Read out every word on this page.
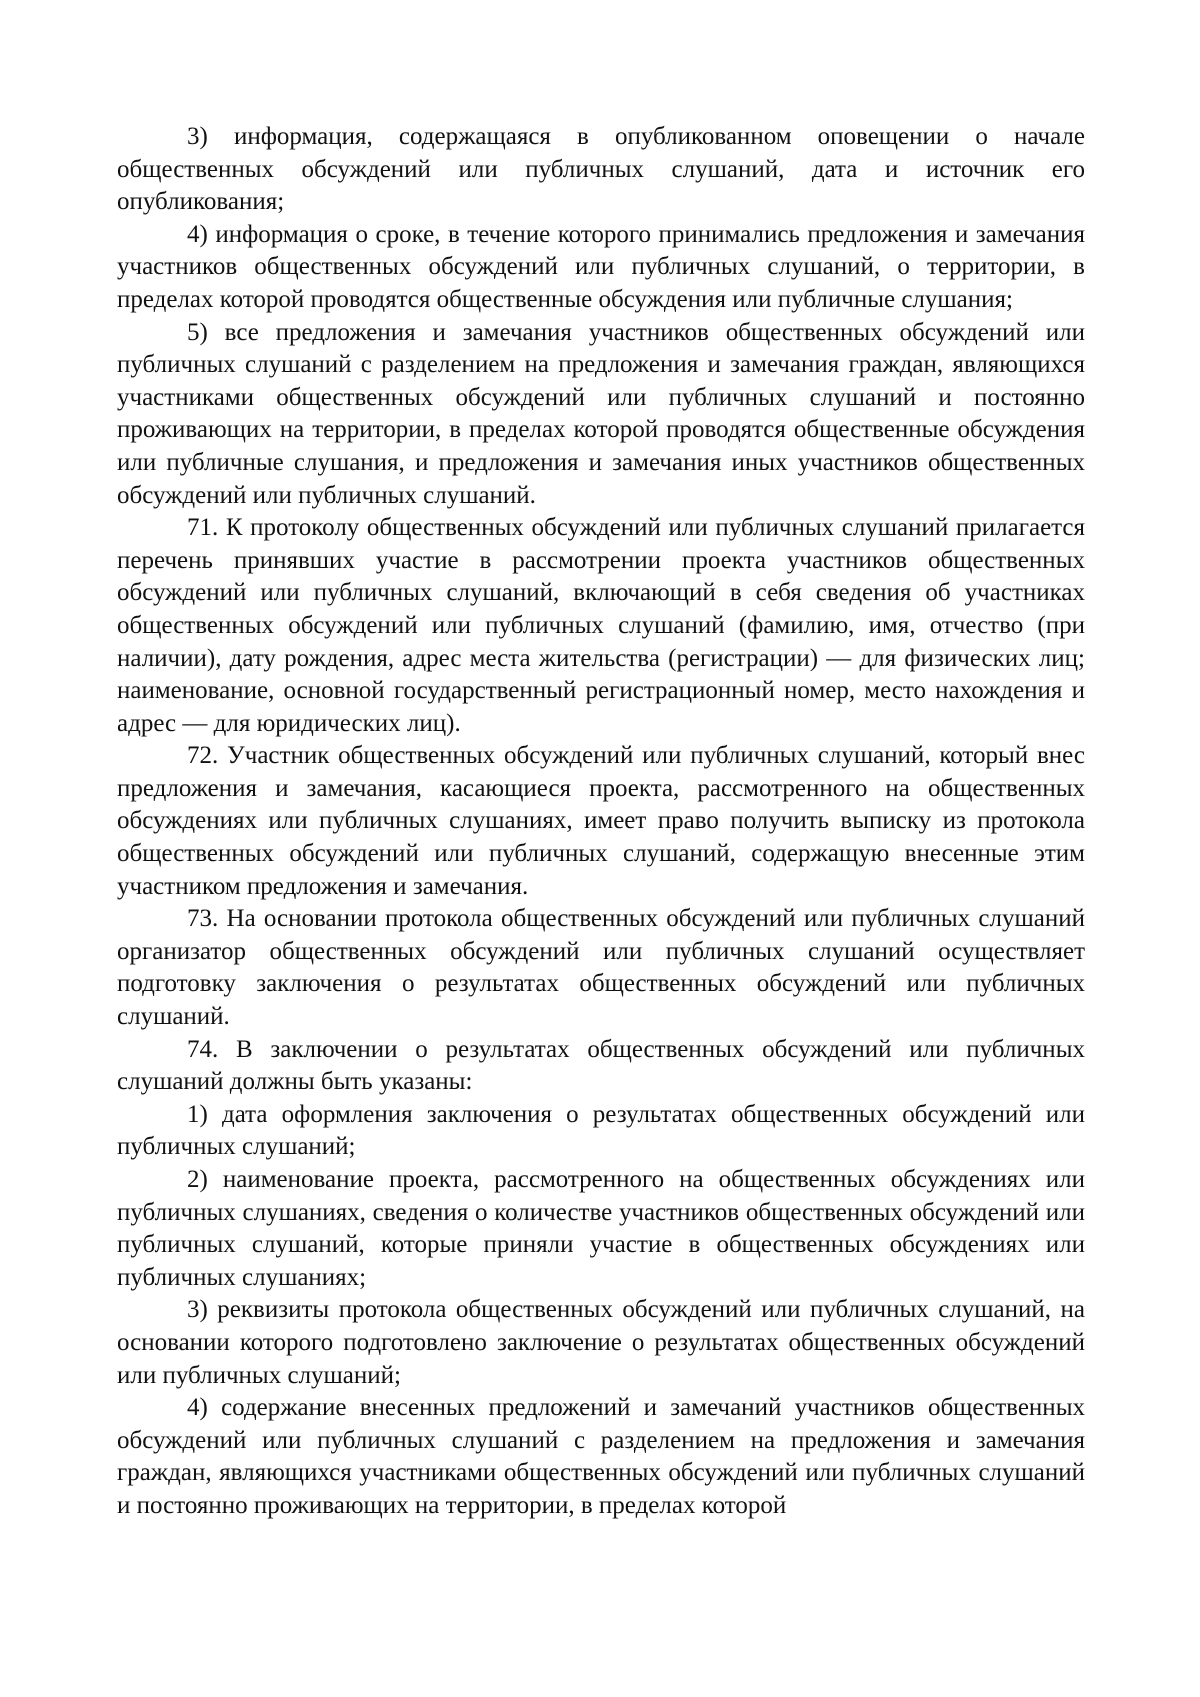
3) информация, содержащаяся в опубликованном оповещении о начале общественных обсуждений или публичных слушаний, дата и источник его опубликования;

4) информация о сроке, в течение которого принимались предложения и замечания участников общественных обсуждений или публичных слушаний, о территории, в пределах которой проводятся общественные обсуждения или публичные слушания;

5) все предложения и замечания участников общественных обсуждений или публичных слушаний с разделением на предложения и замечания граждан, являющихся участниками общественных обсуждений или публичных слушаний и постоянно проживающих на территории, в пределах которой проводятся общественные обсуждения или публичные слушания, и предложения и замечания иных участников общественных обсуждений или публичных слушаний.

71. К протоколу общественных обсуждений или публичных слушаний прилагается перечень принявших участие в рассмотрении проекта участников общественных обсуждений или публичных слушаний, включающий в себя сведения об участниках общественных обсуждений или публичных слушаний (фамилию, имя, отчество (при наличии), дату рождения, адрес места жительства (регистрации) — для физических лиц; наименование, основной государственный регистрационный номер, место нахождения и адрес — для юридических лиц).

72. Участник общественных обсуждений или публичных слушаний, который внес предложения и замечания, касающиеся проекта, рассмотренного на общественных обсуждениях или публичных слушаниях, имеет право получить выписку из протокола общественных обсуждений или публичных слушаний, содержащую внесенные этим участником предложения и замечания.

73. На основании протокола общественных обсуждений или публичных слушаний организатор общественных обсуждений или публичных слушаний осуществляет подготовку заключения о результатах общественных обсуждений или публичных слушаний.

74. В заключении о результатах общественных обсуждений или публичных слушаний должны быть указаны:

1) дата оформления заключения о результатах общественных обсуждений или публичных слушаний;

2) наименование проекта, рассмотренного на общественных обсуждениях или публичных слушаниях, сведения о количестве участников общественных обсуждений или публичных слушаний, которые приняли участие в общественных обсуждениях или публичных слушаниях;

3) реквизиты протокола общественных обсуждений или публичных слушаний, на основании которого подготовлено заключение о результатах общественных обсуждений или публичных слушаний;

4) содержание внесенных предложений и замечаний участников общественных обсуждений или публичных слушаний с разделением на предложения и замечания граждан, являющихся участниками общественных обсуждений или публичных слушаний и постоянно проживающих на территории, в пределах которой
